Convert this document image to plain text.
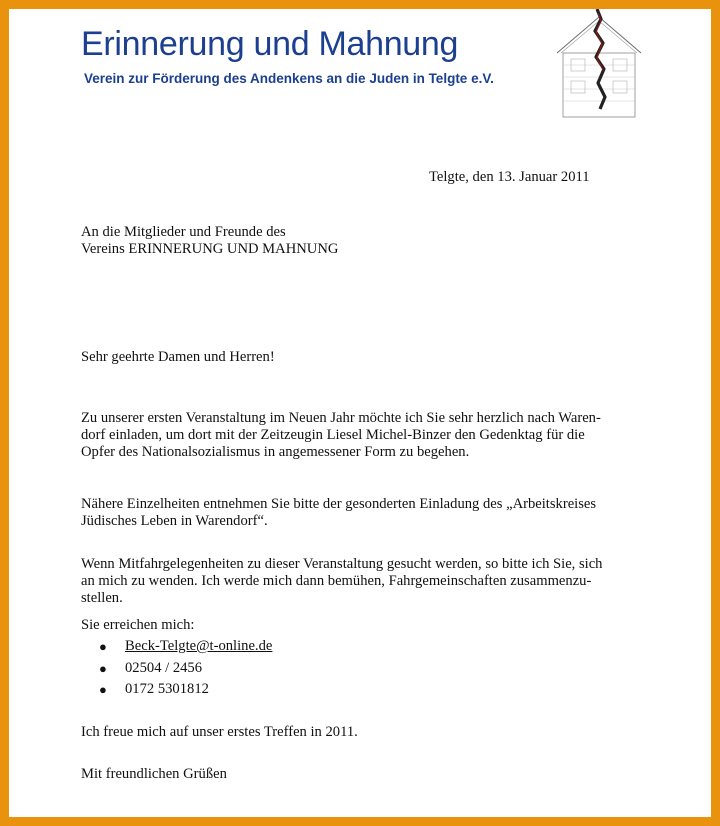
Erinnerung und Mahnung
Verein zur Förderung des Andenkens an die Juden in Telgte e.V.
Telgte, den 13. Januar 2011
An die Mitglieder und Freunde des
Vereins ERINNERUNG UND MAHNUNG
Sehr geehrte Damen und Herren!
Zu unserer ersten Veranstaltung im Neuen Jahr möchte ich Sie sehr herzlich nach Waren-
dorf einladen, um dort mit der Zeitzeugin Liesel Michel-Binzer den Gedenktag für die
Opfer des Nationalsozialismus in angemessener Form zu begehen.
Nähere Einzelheiten entnehmen Sie bitte der gesonderten Einladung des „Arbeitskreises
Jüdisches Leben in Warendorf“.
Wenn Mitfahrgelegenheiten zu dieser Veranstaltung gesucht werden, so bitte ich Sie, sich
an mich zu wenden. Ich werde mich dann bemühen, Fahrgemeinschaften zusammenzu-
stellen.
Sie erreichen mich:
● Beck-Telgte@t-online.de
● 02504 / 2456
● 0172 5301812
Ich freue mich auf unser erstes Treffen in 2011.
Mit freundlichen Grüßen
